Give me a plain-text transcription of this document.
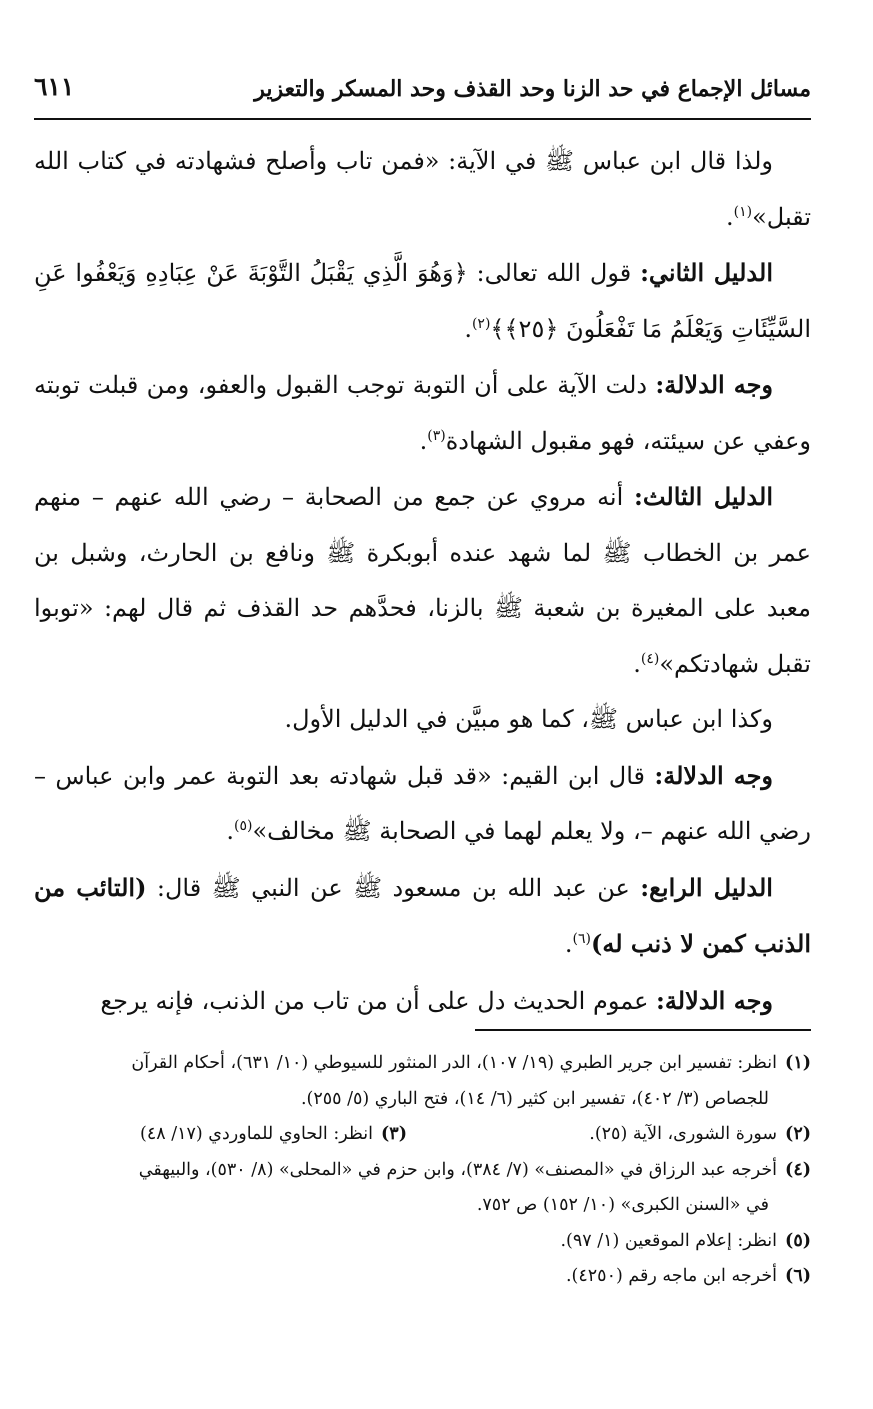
مسائل الإجماع في حد الزنا وحد القذف وحد المسكر والتعزير
٦١١

ولذا قال ابن عباس ﷺ في الآية: «فمن تاب وأصلح فشهادته في كتاب الله تقبل»$^{(١)}$.

الدليل الثاني: قول الله تعالى: ﴿وَهُوَ الَّذِي يَقْبَلُ التَّوْبَةَ عَنْ عِبَادِهِ وَيَعْفُوا عَنِ السَّيِّئَاتِ وَيَعْلَمُ مَا تَفْعَلُونَ ﴿٢٥﴾﴾$^{(٢)}$.

وجه الدلالة: دلت الآية على أن التوبة توجب القبول والعفو، ومن قبلت توبته وعفي عن سيئته، فهو مقبول الشهادة$^{(٣)}$.

الدليل الثالث: أنه مروي عن جمع من الصحابة – رضي الله عنهم – منهم عمر بن الخطاب ﷺ لما شهد عنده أبوبكرة ﷺ ونافع بن الحارث، وشبل بن معبد على المغيرة بن شعبة ﷺ بالزنا، فحدَّهم حد القذف ثم قال لهم: «توبوا تقبل شهادتكم»$^{(٤)}$.

وكذا ابن عباس ﷺ، كما هو مبيَّن في الدليل الأول.

وجه الدلالة: قال ابن القيم: «قد قبل شهادته بعد التوبة عمر وابن عباس – رضي الله عنهم –، ولا يعلم لهما في الصحابة ﷺ مخالف»$^{(٥)}$.

الدليل الرابع: عن عبد الله بن مسعود ﷺ عن النبي ﷺ قال: (التائب من الذنب كمن لا ذنب له)$^{(٦)}$.

وجه الدلالة: عموم الحديث دل على أن من تاب من الذنب، فإنه يرجع

(١)انظر: تفسير ابن جرير الطبري (١٩/ ١٠٧)، الدر المنثور للسيوطي (١٠/ ٦٣١)، أحكام القرآن

للجصاص (٣/ ٤٠٢)، تفسير ابن كثير (٦/ ١٤)، فتح الباري (٥/ ٢٥٥).

(٢)سورة الشورى، الآية (٢٥).

(٣)انظر: الحاوي للماوردي (١٧/ ٤٨)

(٤)أخرجه عبد الرزاق في «المصنف» (٧/ ٣٨٤)، وابن حزم في «المحلى» (٨/ ٥٣٠)، والبيهقي

في «السنن الكبرى» (١٠/ ١٥٢) ص ٧٥٢.

(٥)انظر: إعلام الموقعين (١/ ٩٧).

(٦)أخرجه ابن ماجه رقم (٤٢٥٠).
